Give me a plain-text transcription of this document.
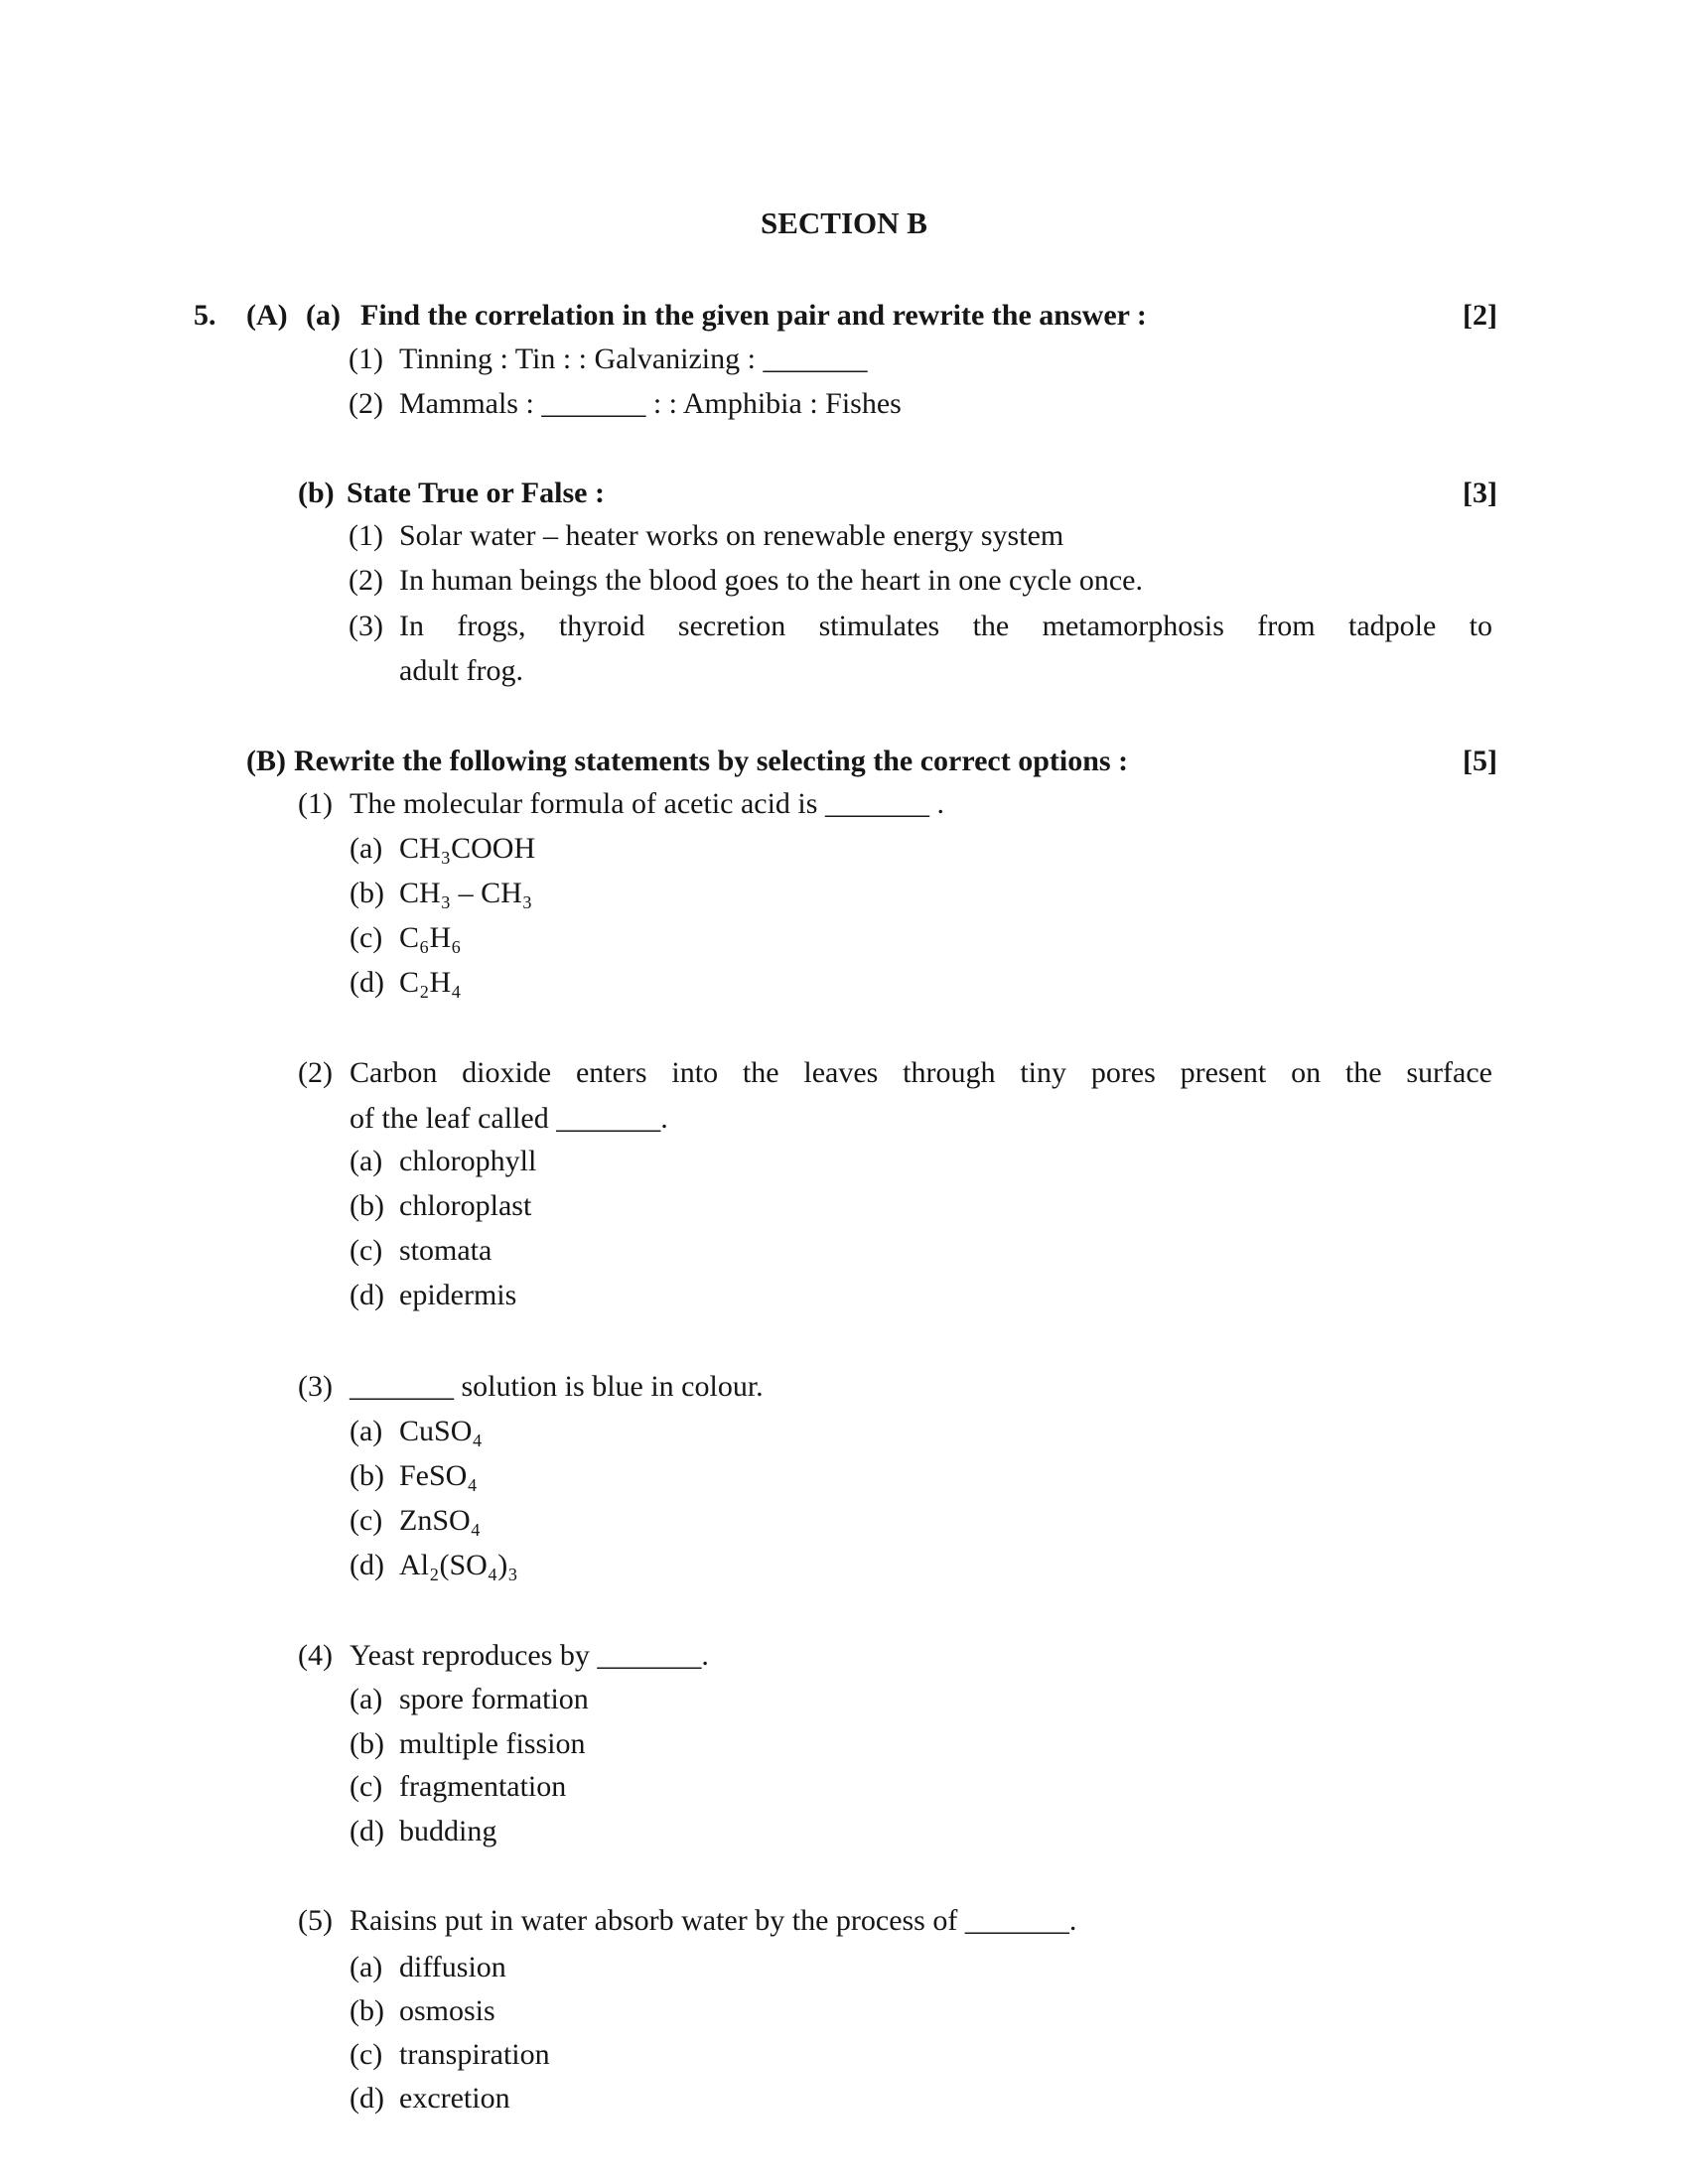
SECTION B
5. (A) (a) Find the correlation in the given pair and rewrite the answer :	[2]
(1) Tinning : Tin : : Galvanizing : _______
(2) Mammals : _______ : : Amphibia : Fishes
(b) State True or False :	[3]
(1) Solar water – heater works on renewable energy system
(2) In human beings the blood goes to the heart in one cycle once.
(3) In frogs, thyroid secretion stimulates the metamorphosis from tadpole to
adult frog.
(B) Rewrite the following statements by selecting the correct options :	[5]
(1) The molecular formula of acetic acid is _______ .
(a) CH₃COOH
(b) CH₃ – CH₃
(c) C₆H₆
(d) C₂H₄
(2) Carbon dioxide enters into the leaves through tiny pores present on the surface
of the leaf called _______.
(a) chlorophyll
(b) chloroplast
(c) stomata
(d) epidermis
(3) _______ solution is blue in colour.
(a) CuSO₄
(b) FeSO₄
(c) ZnSO₄
(d) Al₂(SO₄)₃
(4) Yeast reproduces by _______.
(a) spore formation
(b) multiple fission
(c) fragmentation
(d) budding
(5) Raisins put in water absorb water by the process of _______.
(a) diffusion
(b) osmosis
(c) transpiration
(d) excretion
